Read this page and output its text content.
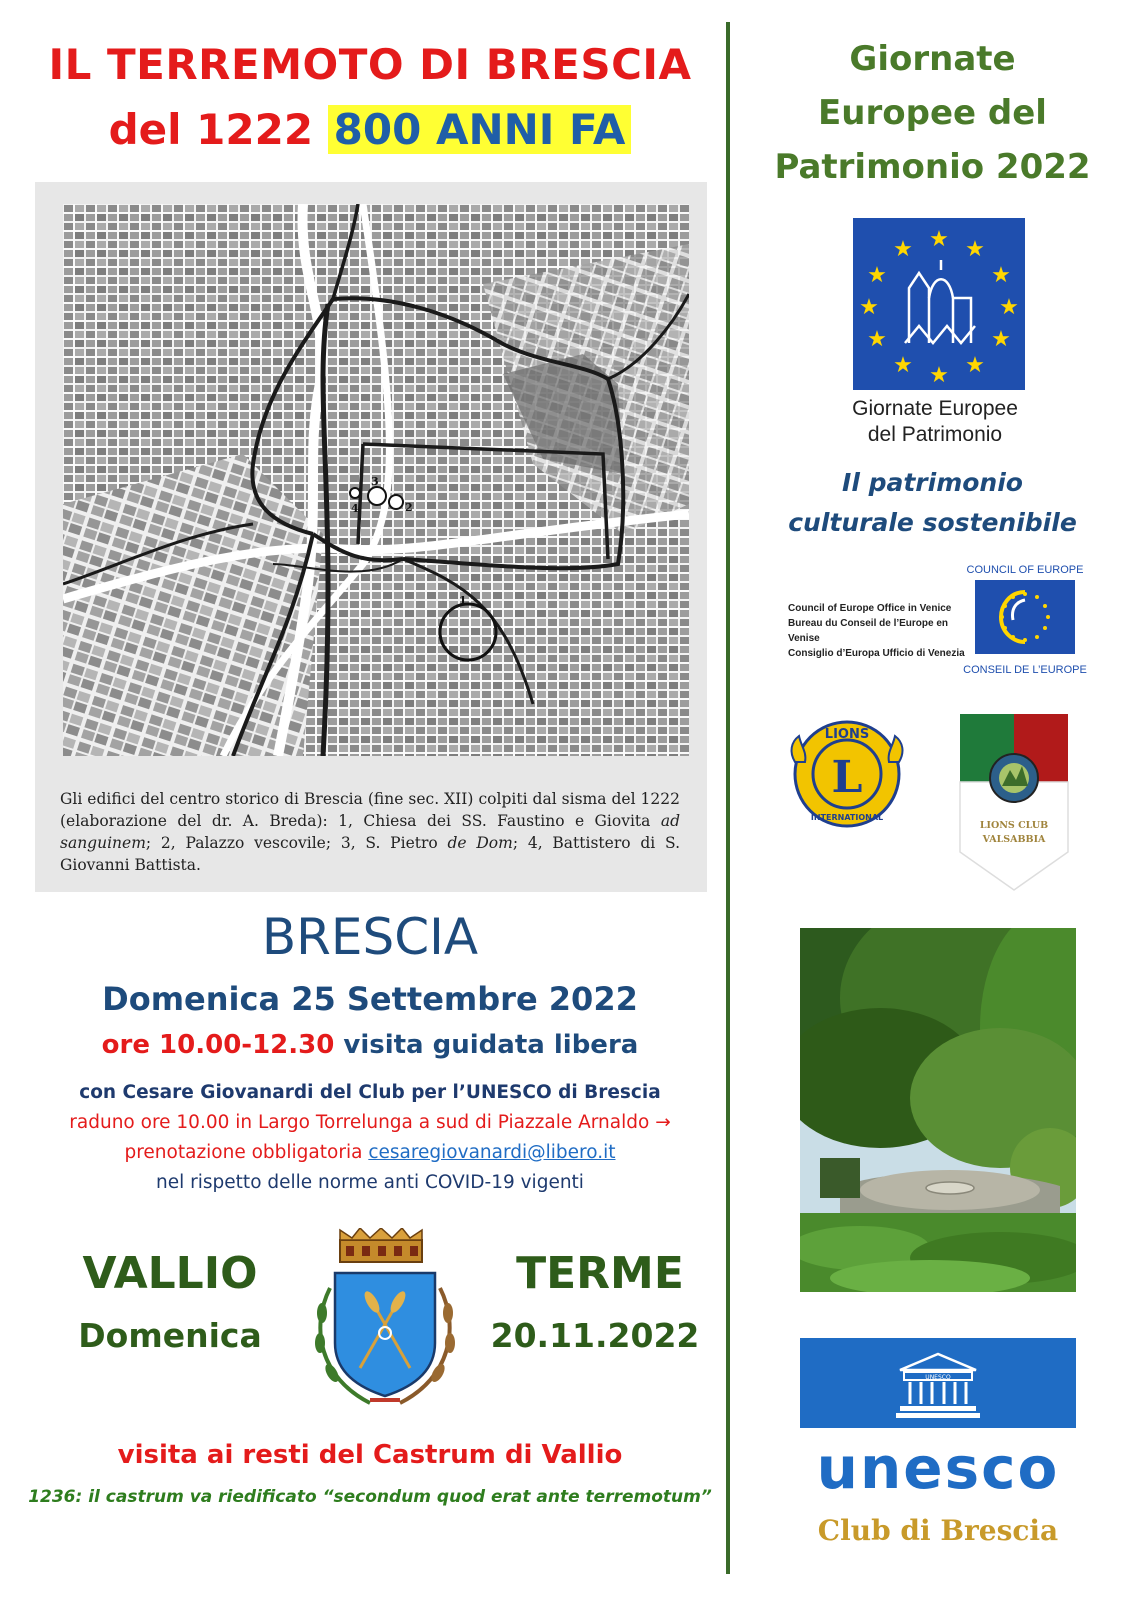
IL TERREMOTO DI BRESCIA
del 1222 800 ANNI FA
4
3
2
1
Gli edifici del centro storico di Brescia (fine sec. XII) colpiti dal sisma del 1222 (elaborazione del dr. A. Breda): 1, Chiesa dei SS. Faustino e Giovita ad sanguinem; 2, Palazzo vescovile; 3, S. Pietro de Dom; 4, Battistero di S. Giovanni Battista.
BRESCIA
Domenica 25 Settembre 2022
ore 10.00-12.30 visita guidata libera
con Cesare Giovanardi del Club per l’UNESCO di Brescia
raduno ore 10.00 in Largo Torrelunga a sud di Piazzale Arnaldo →
prenotazione obbligatoria cesaregiovanardi@libero.it
nel rispetto delle norme anti COVID-19 vigenti
VALLIO	TERME
Domenica	20.11.2022
visita ai resti del Castrum di Vallio
1236: il castrum va riedificato “secondum quod erat ante terremotum”
Giornate
Europee del
Patrimonio 2022
★ ★
★
★
★
★
★
★
★
★
★
★
Giornate Europee
del Patrimonio
Il patrimonio
culturale sostenibile
Council of Europe Office in Venice
Bureau du Conseil de l’Europe en Venise
Consiglio d’Europa Ufficio di Venezia
COUNCIL OF EUROPE
CONSEIL DE L’EUROPE
L
LIONS
INTERNATIONAL
LIONS CLUB
VALSABBIA
UNESCO
unesco
Club di Brescia
